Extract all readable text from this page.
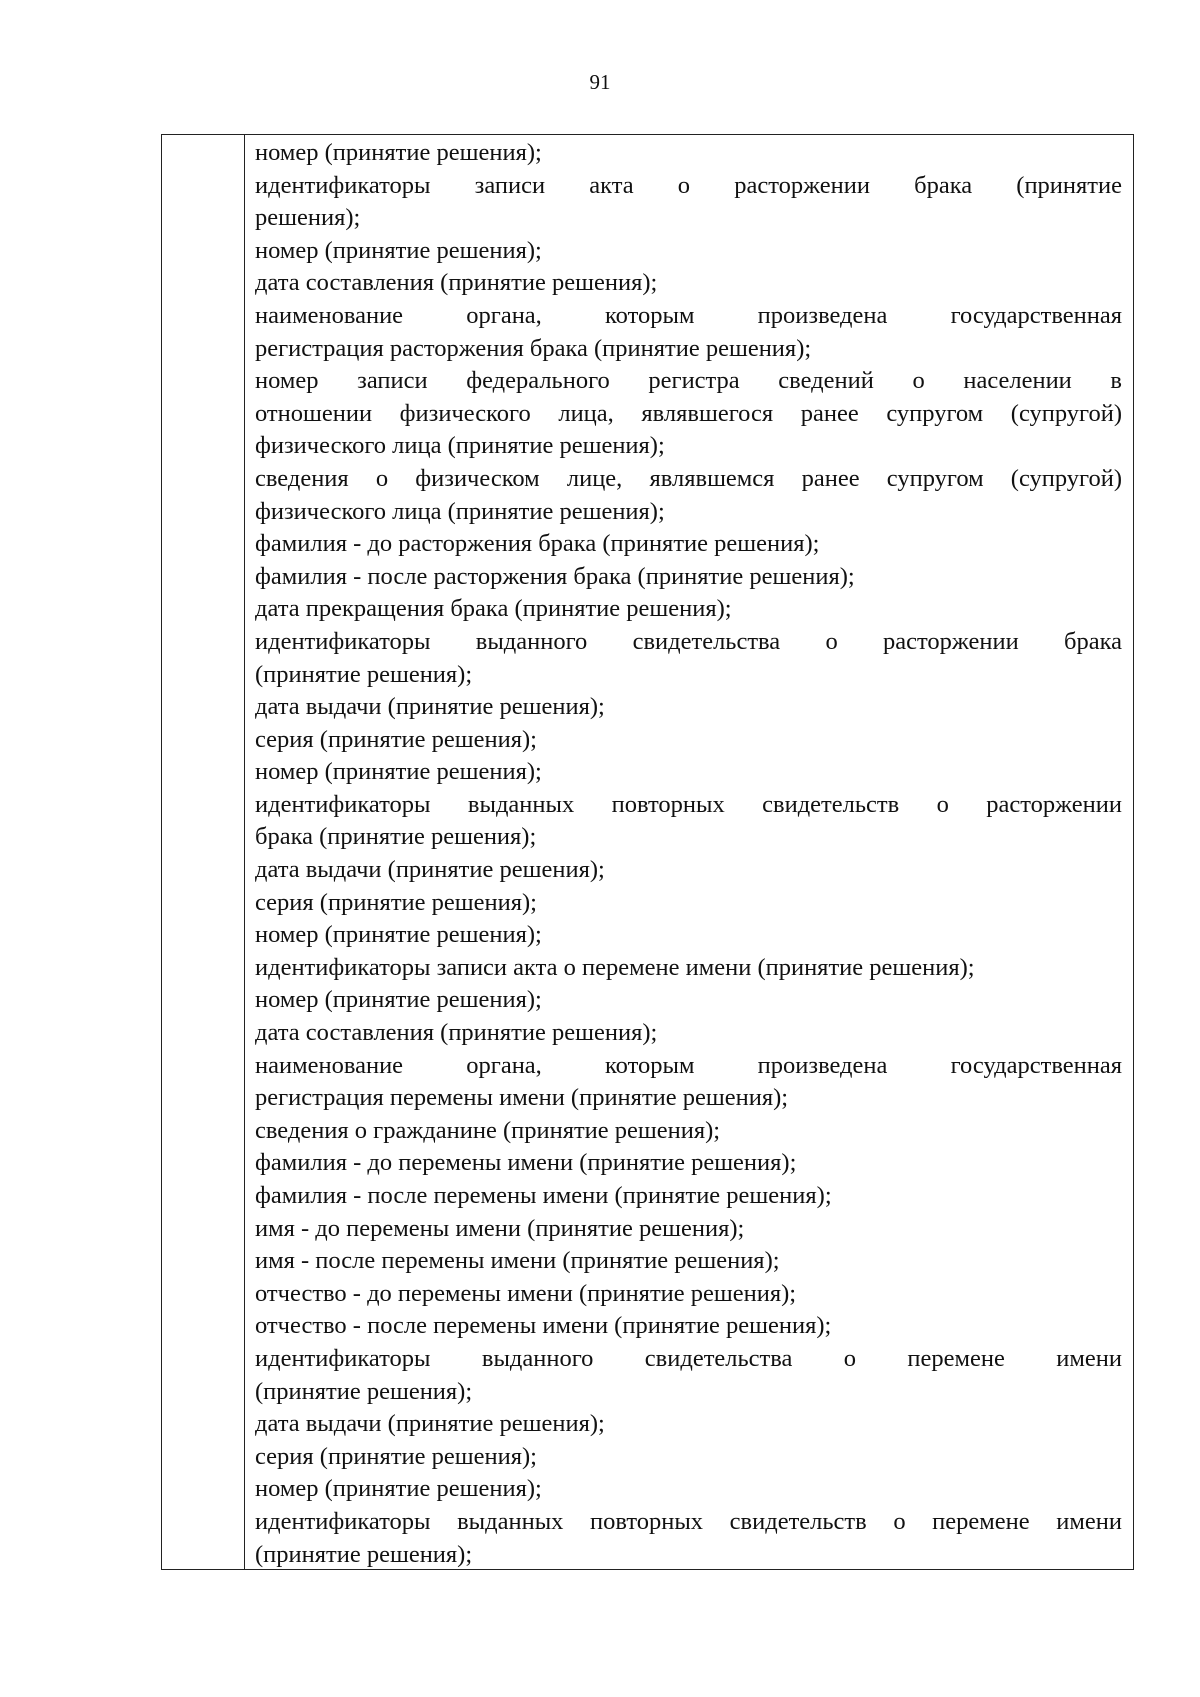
91
номер (принятие решения);
идентификаторы записи акта о расторжении брака (принятие
решения);
номер (принятие решения);
дата составления (принятие решения);
наименование органа, которым произведена государственная
регистрация расторжения брака (принятие решения);
номер записи федерального регистра сведений о населении в
отношении физического лица, являвшегося ранее супругом (супругой)
физического лица (принятие решения);
сведения о физическом лице, являвшемся ранее супругом (супругой)
физического лица (принятие решения);
фамилия - до расторжения брака (принятие решения);
фамилия - после расторжения брака (принятие решения);
дата прекращения брака (принятие решения);
идентификаторы выданного свидетельства о расторжении брака
(принятие решения);
дата выдачи (принятие решения);
серия (принятие решения);
номер (принятие решения);
идентификаторы выданных повторных свидетельств о расторжении
брака (принятие решения);
дата выдачи (принятие решения);
серия (принятие решения);
номер (принятие решения);
идентификаторы записи акта о перемене имени (принятие решения);
номер (принятие решения);
дата составления (принятие решения);
наименование органа, которым произведена государственная
регистрация перемены имени (принятие решения);
сведения о гражданине (принятие решения);
фамилия - до перемены имени (принятие решения);
фамилия - после перемены имени (принятие решения);
имя - до перемены имени (принятие решения);
имя - после перемены имени (принятие решения);
отчество - до перемены имени (принятие решения);
отчество - после перемены имени (принятие решения);
идентификаторы выданного свидетельства о перемене имени
(принятие решения);
дата выдачи (принятие решения);
серия (принятие решения);
номер (принятие решения);
идентификаторы выданных повторных свидетельств о перемене имени
(принятие решения);
